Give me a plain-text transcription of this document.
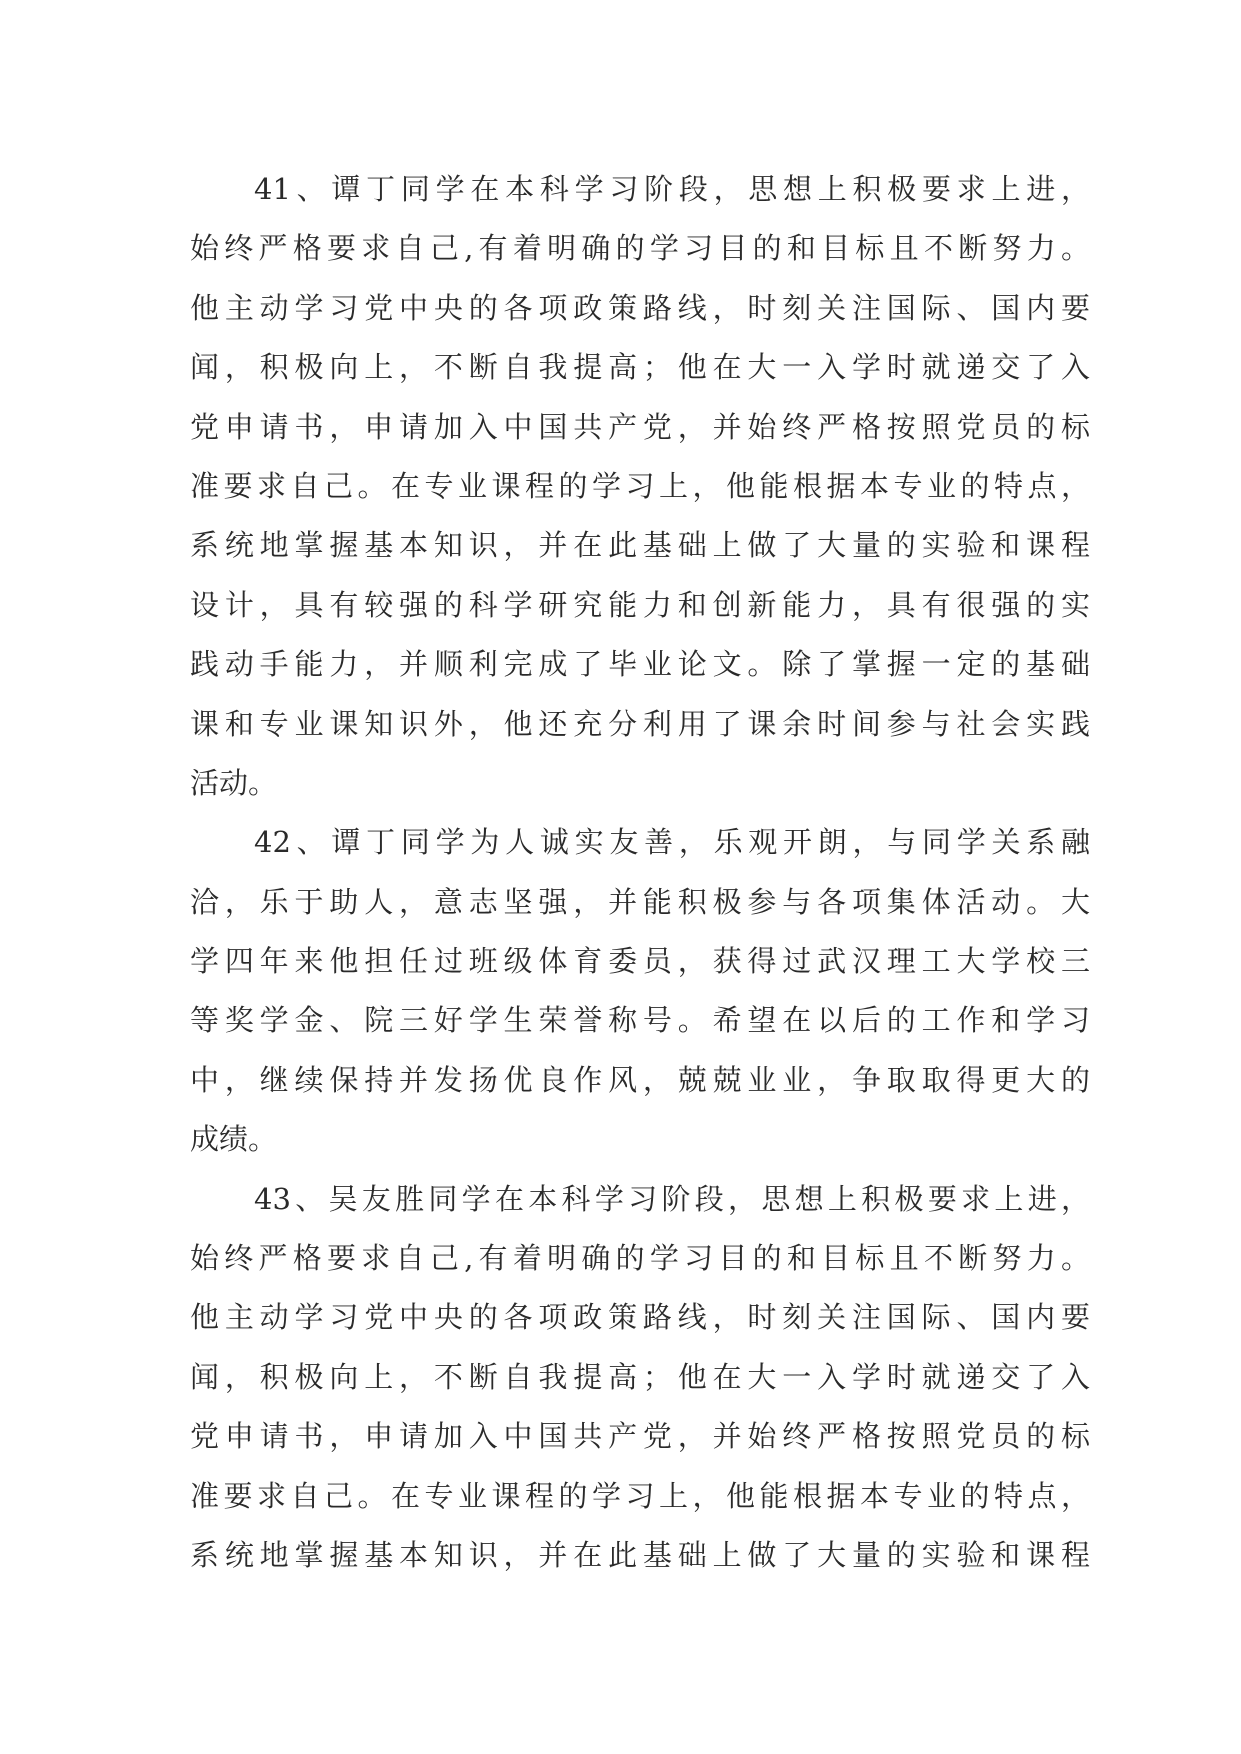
41、谭丁同学在本科学习阶段，思想上积极要求上进，
始终严格要求自己,有着明确的学习目的和目标且不断努力。
他主动学习党中央的各项政策路线，时刻关注国际、国内要
闻，积极向上，不断自我提高；他在大一入学时就递交了入
党申请书，申请加入中国共产党，并始终严格按照党员的标
准要求自己。在专业课程的学习上，他能根据本专业的特点，
系统地掌握基本知识，并在此基础上做了大量的实验和课程
设计，具有较强的科学研究能力和创新能力，具有很强的实
践动手能力，并顺利完成了毕业论文。除了掌握一定的基础
课和专业课知识外，他还充分利用了课余时间参与社会实践
活动。
42、谭丁同学为人诚实友善，乐观开朗，与同学关系融
洽，乐于助人，意志坚强，并能积极参与各项集体活动。大
学四年来他担任过班级体育委员，获得过武汉理工大学校三
等奖学金、院三好学生荣誉称号。希望在以后的工作和学习
中，继续保持并发扬优良作风，兢兢业业，争取取得更大的
成绩。
43、吴友胜同学在本科学习阶段，思想上积极要求上进，
始终严格要求自己,有着明确的学习目的和目标且不断努力。
他主动学习党中央的各项政策路线，时刻关注国际、国内要
闻，积极向上，不断自我提高；他在大一入学时就递交了入
党申请书，申请加入中国共产党，并始终严格按照党员的标
准要求自己。在专业课程的学习上，他能根据本专业的特点，
系统地掌握基本知识，并在此基础上做了大量的实验和课程
